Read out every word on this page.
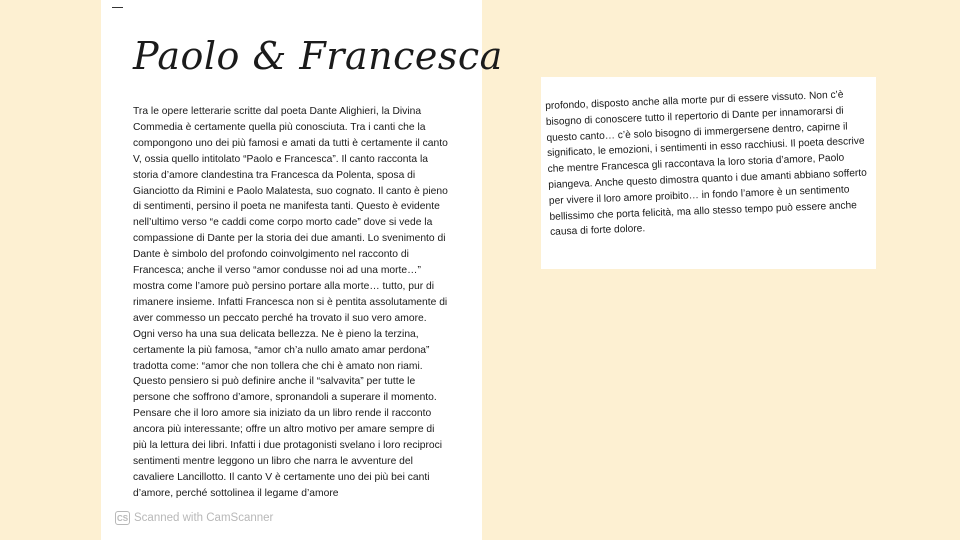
Paolo & Francesca

Tra le opere letterarie scritte dal poeta Dante Alighieri, la Divina Commedia è certamente quella più conosciuta. Tra i canti che la compongono uno dei più famosi e amati da tutti è certamente il canto V, ossia quello intitolato “Paolo e Francesca”. Il canto racconta la storia d’amore clandestina tra Francesca da Polenta, sposa di Gianciotto da Rimini e Paolo Malatesta, suo cognato. Il canto è pieno di sentimenti, persino il poeta ne manifesta tanti. Questo è evidente nell’ultimo verso “e caddi come corpo morto cade” dove si vede la compassione di Dante per la storia dei due amanti. Lo svenimento di Dante è simbolo del profondo coinvolgimento nel racconto di Francesca; anche il verso “amor condusse noi ad una morte…” mostra come l’amore può persino portare alla morte… tutto, pur di rimanere insieme. Infatti Francesca non si è pentita assolutamente di aver commesso un peccato perché ha trovato il suo vero amore. Ogni verso ha una sua delicata bellezza. Ne è pieno la terzina, certamente la più famosa, “amor ch’a nullo amato amar perdona” tradotta come: “amor che non tollera che chi è amato non riami. Questo pensiero si può definire anche il “salvavita” per tutte le persone che soffrono d’amore, spronandoli a superare il momento. Pensare che il loro amore sia iniziato da un libro rende il racconto ancora più interessante; offre un altro motivo per amare sempre di più la lettura dei libri. Infatti i due protagonisti svelano i loro reciproci sentimenti mentre leggono un libro che narra le avventure del cavaliere Lancillotto. Il canto V è certamente uno dei più bei canti d’amore, perché sottolinea il legame d’amore

CS Scanned with CamScanner

profondo, disposto anche alla morte pur di essere vissuto. Non c’è bisogno di conoscere tutto il repertorio di Dante per innamorarsi di questo canto… c’è solo bisogno di immergersene dentro, capirne il significato, le emozioni, i sentimenti in esso racchiusi. Il poeta descrive che mentre Francesca gli raccontava la loro storia d’amore, Paolo piangeva. Anche questo dimostra quanto i due amanti abbiano sofferto per vivere il loro amore proibito… in fondo l’amore è un sentimento bellissimo che porta felicità, ma allo stesso tempo può essere anche causa di forte dolore.
